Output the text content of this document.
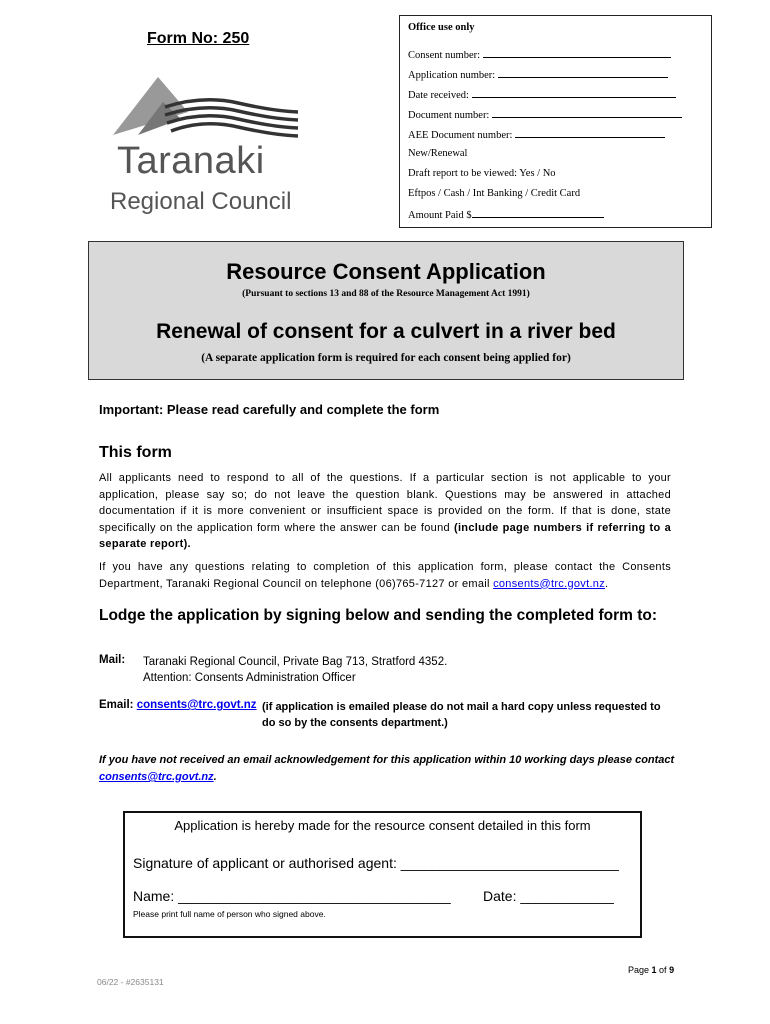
Form No: 250
Taranaki
Regional Council
Office use only
Consent number:
Application number:
Date received:
Document number:
AEE Document number:
New/Renewal
Draft report to be viewed: Yes / No
Eftpos / Cash / Int Banking / Credit Card
Amount Paid $
Resource Consent Application
(Pursuant to sections 13 and 88 of the Resource Management Act 1991)
Renewal of consent for a culvert in a river bed
(A separate application form is required for each consent being applied for)
Important: Please read carefully and complete the form
This form
All applicants need to respond to all of the questions. If a particular section is not applicable to your application, please say so; do not leave the question blank. Questions may be answered in attached documentation if it is more convenient or insufficient space is provided on the form. If that is done, state specifically on the application form where the answer can be found (include page numbers if referring to a separate report).
If you have any questions relating to completion of this application form, please contact the Consents Department, Taranaki Regional Council on telephone (06)765-7127 or email consents@trc.govt.nz.
Lodge the application by signing below and sending the completed form to:
Mail: Taranaki Regional Council, Private Bag 713, Stratford 4352.
Attention: Consents Administration Officer
Email: consents@trc.govt.nz (if application is emailed please do not mail a hard copy unless requested to do so by the consents department.)
If you have not received an email acknowledgement for this application within 10 working days please contact consents@trc.govt.nz.
Application is hereby made for the resource consent detailed in this form
Signature of applicant or authorised agent: ____________________________
Name: ___________________________________ Date: ____________
Please print full name of person who signed above.
Page 1 of 9
06/22 - #2635131
